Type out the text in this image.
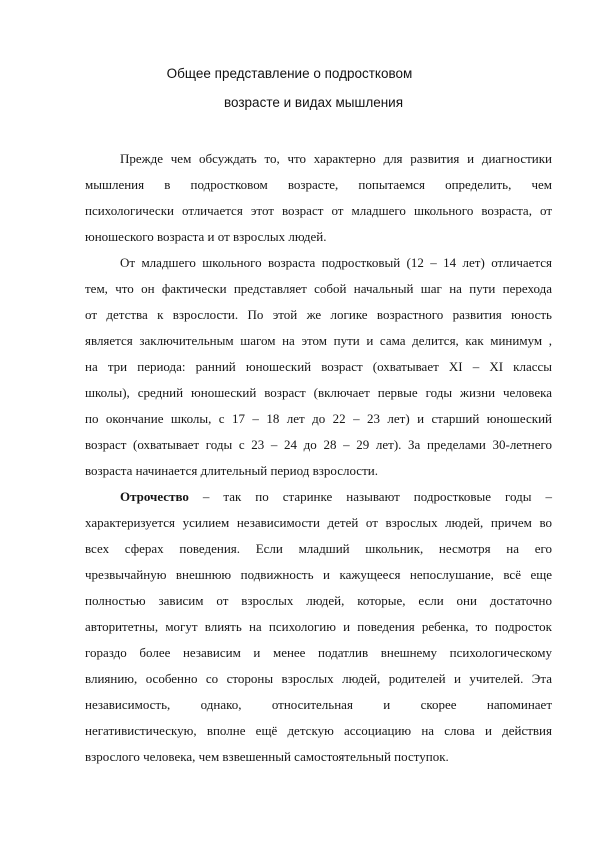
Общее представление о подростковом
возрасте и видах мышления
Прежде чем обсуждать то, что характерно для развития и диагностики
мышления в подростковом возрасте, попытаемся определить, чем
психологически отличается этот возраст от младшего школьного возраста, от
юношеского возраста и от взрослых людей.
От младшего школьного возраста подростковый (12 – 14 лет) отличается
тем, что он фактически представляет собой начальный шаг на пути перехода
от детства к взрослости. По этой же логике возрастного развития юность
является заключительным шагом на этом пути и сама делится, как минимум ,
на три периода: ранний юношеский возраст (охватывает XI – XI классы
школы), средний юношеский возраст (включает первые годы жизни человека
по окончание школы, с 17 – 18 лет до 22 – 23 лет) и старший юношеский
возраст (охватывает годы с 23 – 24 до 28 – 29 лет). За пределами 30-летнего
возраста начинается длительный период взрослости.
Отрочество – так по старинке называют подростковые годы –
характеризуется усилием независимости детей от взрослых людей, причем во
всех сферах поведения. Если младший школьник, несмотря на его
чрезвычайную внешнюю подвижность и кажущееся непослушание, всё еще
полностью зависим от взрослых людей, которые, если они достаточно
авторитетны, могут влиять на психологию и поведения ребенка, то подросток
гораздо более независим и менее податлив внешнему психологическому
влиянию, особенно со стороны взрослых людей, родителей и учителей. Эта
независимость, однако, относительная и скорее напоминает
негативистическую, вполне ещё детскую ассоциацию на слова и действия
взрослого человека, чем взвешенный самостоятельный поступок.
